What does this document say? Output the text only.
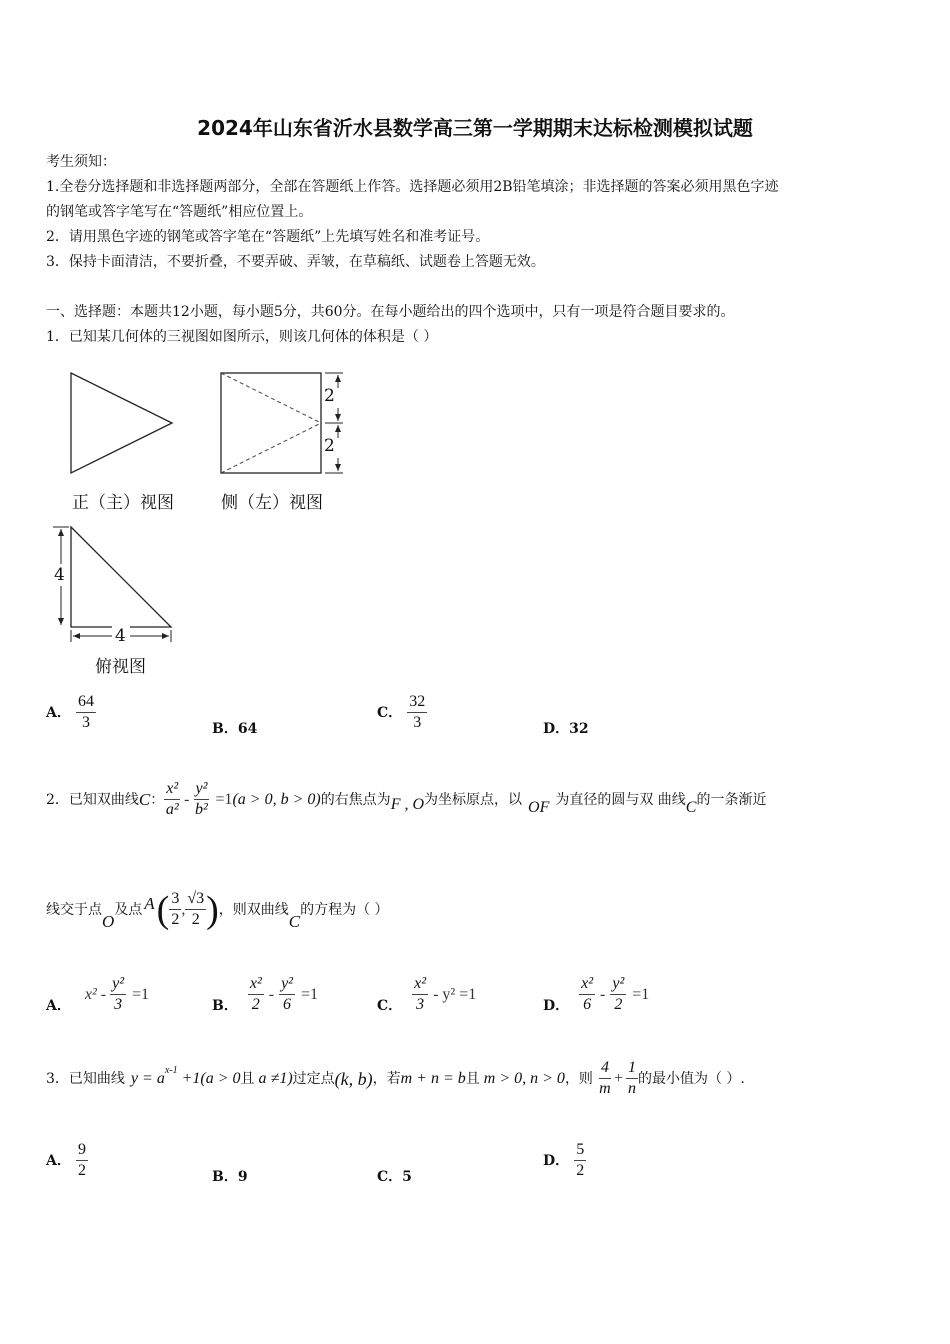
2024年山东省沂水县数学高三第一学期期末达标检测模拟试题
考生须知：
1.全卷分选择题和非选择题两部分，全部在答题纸上作答。选择题必须用2B铅笔填涂；非选择题的答案必须用黑色字迹
的钢笔或答字笔写在“答题纸”相应位置上。
2．请用黑色字迹的钢笔或答字笔在“答题纸”上先填写姓名和准考证号。
3．保持卡面清洁，不要折叠，不要弄破、弄皱，在草稿纸、试题卷上答题无效。
一、选择题：本题共12小题，每小题5分，共60分。在每小题给出的四个选项中，只有一项是符合题目要求的。
1．已知某几何体的三视图如图所示，则该几何体的体积是（ ）
2
2
4
4
正（主）视图	侧（左）视图
俯视图
A． $\frac{64}{3}$	B．64
C． $\frac{32}{3}$	D．32
2．已知双曲线 C ： $\frac{\text{x²}}{\text{a²}} - \frac{\text{y²}}{\text{b²}} =1$ (a > 0, b > 0) 的右焦点为 F , O 为坐标原点，以 OF 为直径的圆与双 曲线 C 的一条渐近
线交于点
O
及点 A ( $\frac{3}{2}$ , $\frac{√3}{2}$ ) ，则双曲线
C
的方程为（ ）
A．
$x^2 - \frac{\text{y²}}{3} =1$
B． $\frac{\text{x²}}{2} - \frac{\text{y²}}{6} =1$
C． $\frac{\text{x²}}{3} - y^2 =1$
D． $\frac{\text{x²}}{6} - \frac{\text{y²}}{2} =1$
3．已知曲线 y = a x-1 +1(a > 0 且 a ≠1) 过定点 (k, b) ，若 m + n = b 且 m > 0, n > 0 ，则 $\frac{4}{m} + \frac{1}{n}$ 的最小值为（ ）.
A． $\frac{9}{2}$	B．9	C．5
D． $\frac{5}{2}$
